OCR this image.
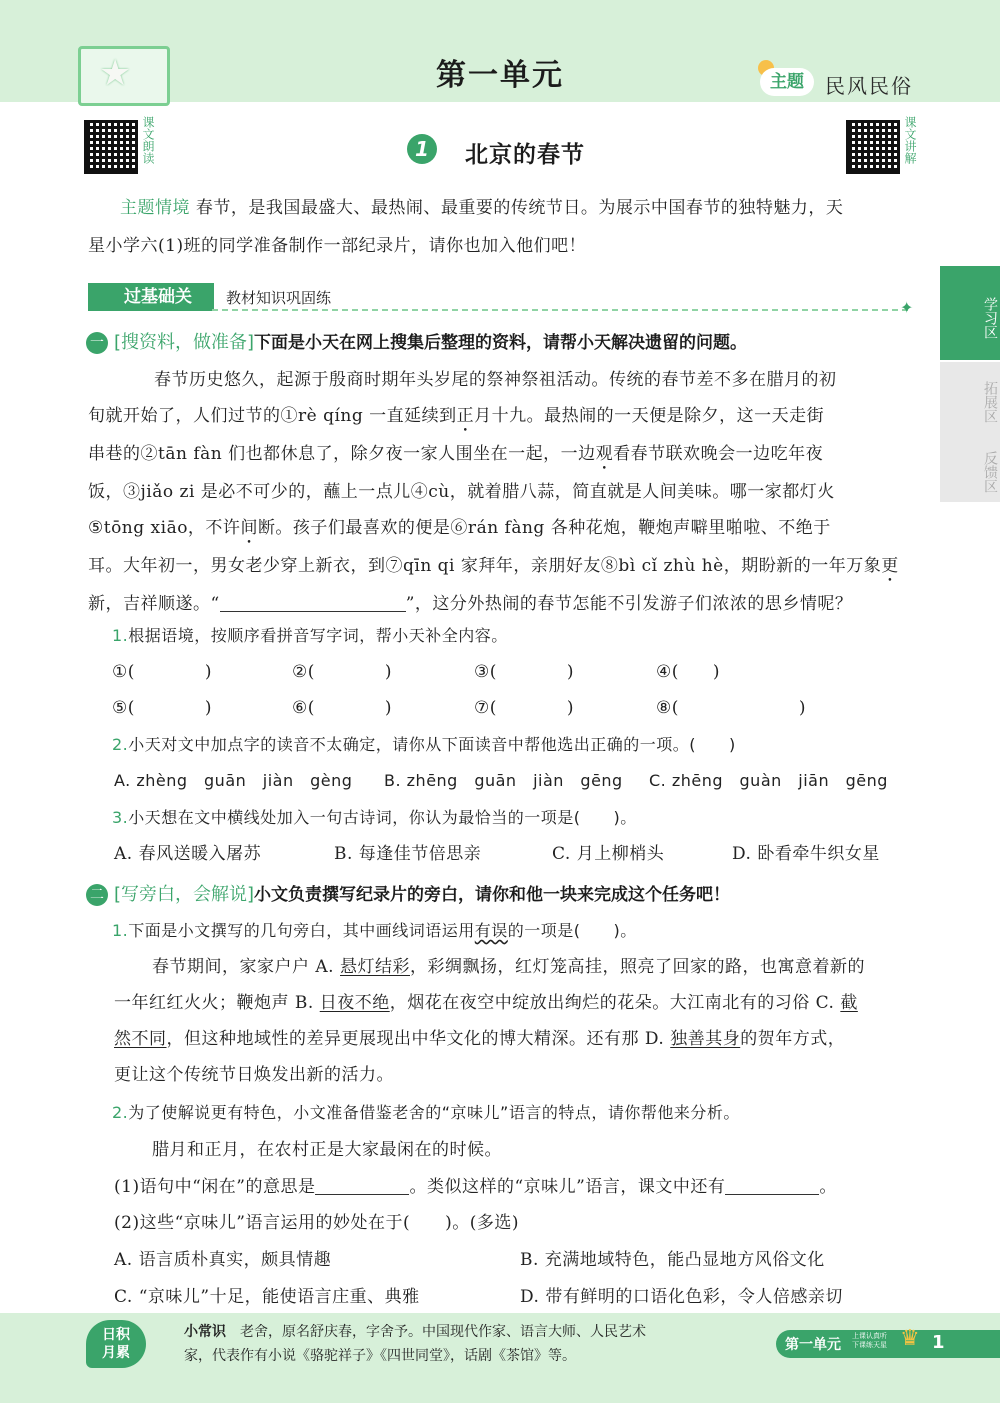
★	第一单元	主题	民风民俗
课文朗读	课文讲解
1	北京的春节
主题情境 春节，是我国最盛大、最热闹、最重要的传统节日。为展示中国春节的独特魅力，天
星小学六(1)班的同学准备制作一部纪录片，请你也加入他们吧！
过基础关	教材知识巩固练	✦	学习区
拓展区
反馈区
一 [搜资料，做准备]下面是小天在网上搜集后整理的资料，请帮小天解决遗留的问题。
春节历史悠久，起源于殷商时期年头岁尾的祭神祭祖活动。传统的春节差不多在腊月的初
旬就开始了，人们过节的①rè qíng 一直延续到正月十九。最热闹的一天便是除夕，这一天走街
串巷的②tān fàn 们也都休息了，除夕夜一家人围坐在一起，一边观看春节联欢晚会一边吃年夜
饭，③jiǎo zi 是必不可少的，蘸上一点儿④cù，就着腊八蒜，简直就是人间美味。哪一家都灯火
⑤tōng xiāo，不许间断。孩子们最喜欢的便是⑥rán fàng 各种花炮，鞭炮声噼里啪啦、不绝于
耳。大年初一，男女老少穿上新衣，到⑦qīn qi 家拜年，亲朋好友⑧bì cǐ zhù hè，期盼新的一年万象更
新，吉祥顺遂。“	”，这分外热闹的春节怎能不引发游子们浓浓的思乡情呢？
1.根据语境，按顺序看拼音写字词，帮小天补全内容。
①(	)	②(	)	③(	)	④( )
⑤(	)	⑥(	)	⑦(	)	⑧(	)
2.小天对文中加点字的读音不太确定，请你从下面读音中帮他选出正确的一项。(　　)
A. zhèng　guān　jiàn　gèng B. zhēng　guān　jiàn　gēng C. zhēng　guàn　jiān　gēng
3.小天想在文中横线处加入一句古诗词，你认为最恰当的一项是(　　)。
A. 春风送暖入屠苏	B. 每逢佳节倍思亲	C. 月上柳梢头	D. 卧看牵牛织女星
二 [写旁白，会解说]小文负责撰写纪录片的旁白，请你和他一块来完成这个任务吧！
1.下面是小文撰写的几句旁白，其中画线词语运用有误的一项是(　　)。
春节期间，家家户户 A. 悬灯结彩，彩绸飘扬，红灯笼高挂，照亮了回家的路，也寓意着新的
一年红红火火；鞭炮声 B. 日夜不绝，烟花在夜空中绽放出绚烂的花朵。大江南北有的习俗 C. 截
然不同，但这种地域性的差异更展现出中华文化的博大精深。还有那 D. 独善其身的贺年方式，
更让这个传统节日焕发出新的活力。
2.为了使解说更有特色，小文准备借鉴老舍的“京味儿”语言的特点，请你帮他来分析。
腊月和正月，在农村正是大家最闲在的时候。
(1)语句中“闲在”的意思是	。类似这样的“京味儿”语言，课文中还有	。
(2)这些“京味儿”语言运用的妙处在于(　　)。(多选)
A. 语言质朴真实，颇具情趣	B. 充满地域特色，能凸显地方风俗文化
C. “京味儿”十足，能使语言庄重、典雅	D. 带有鲜明的口语化色彩，令人倍感亲切
日积
月累
小常识 老舍，原名舒庆春，字舍予。中国现代作家、语言大师、人民艺术
家，代表作有小说《骆驼祥子》《四世同堂》，话剧《茶馆》等。
第一单元
上课认真听
下课练天星 ♛ 1
